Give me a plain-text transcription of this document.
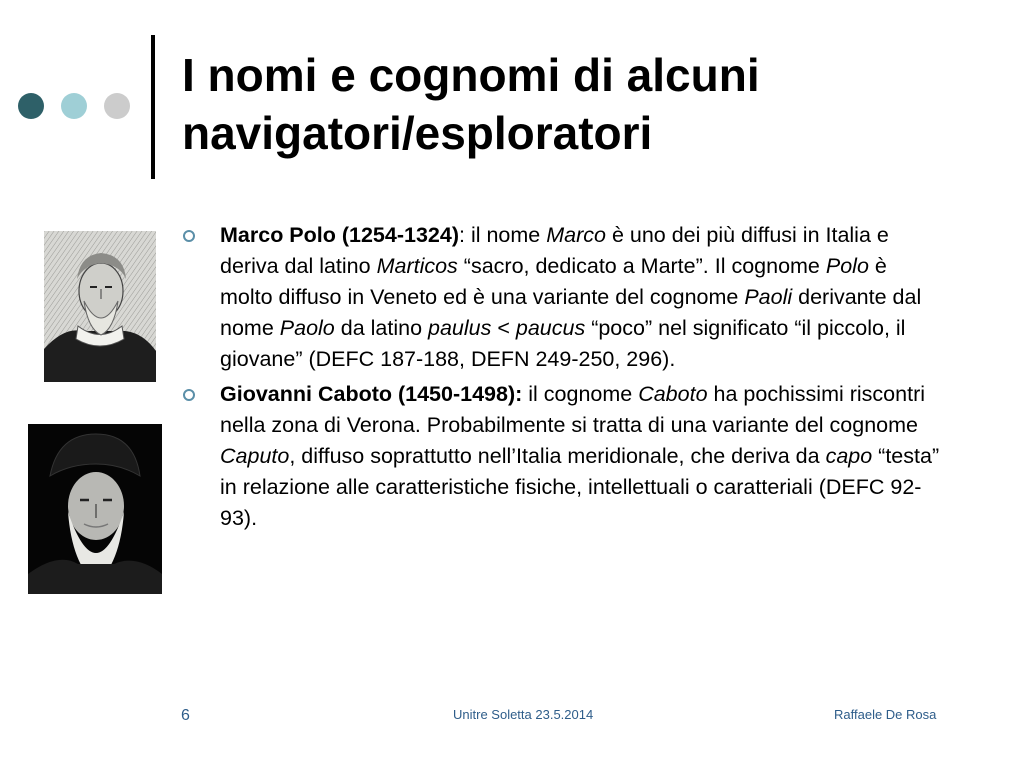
I nomi e cognomi di alcuni navigatori/esploratori
Marco Polo (1254-1324): il nome Marco è uno dei più diffusi in Italia e deriva dal latino Marticos “sacro, dedicato a Marte”. Il cognome Polo è molto diffuso in Veneto ed è una variante del cognome Paoli derivante dal nome Paolo da latino paulus < paucus “poco” nel significato “il piccolo, il giovane” (DEFC 187-188, DEFN 249-250, 296).
Giovanni Caboto (1450-1498): il cognome Caboto ha pochissimi riscontri nella zona di Verona. Probabilmente si tratta di una variante del cognome Caputo, diffuso soprattutto nell’Italia meridionale, che deriva da capo “testa” in relazione alle caratteristiche fisiche, intellettuali o caratteriali (DEFC 92-93).
6	Unitre Soletta 23.5.2014	Raffaele De Rosa
